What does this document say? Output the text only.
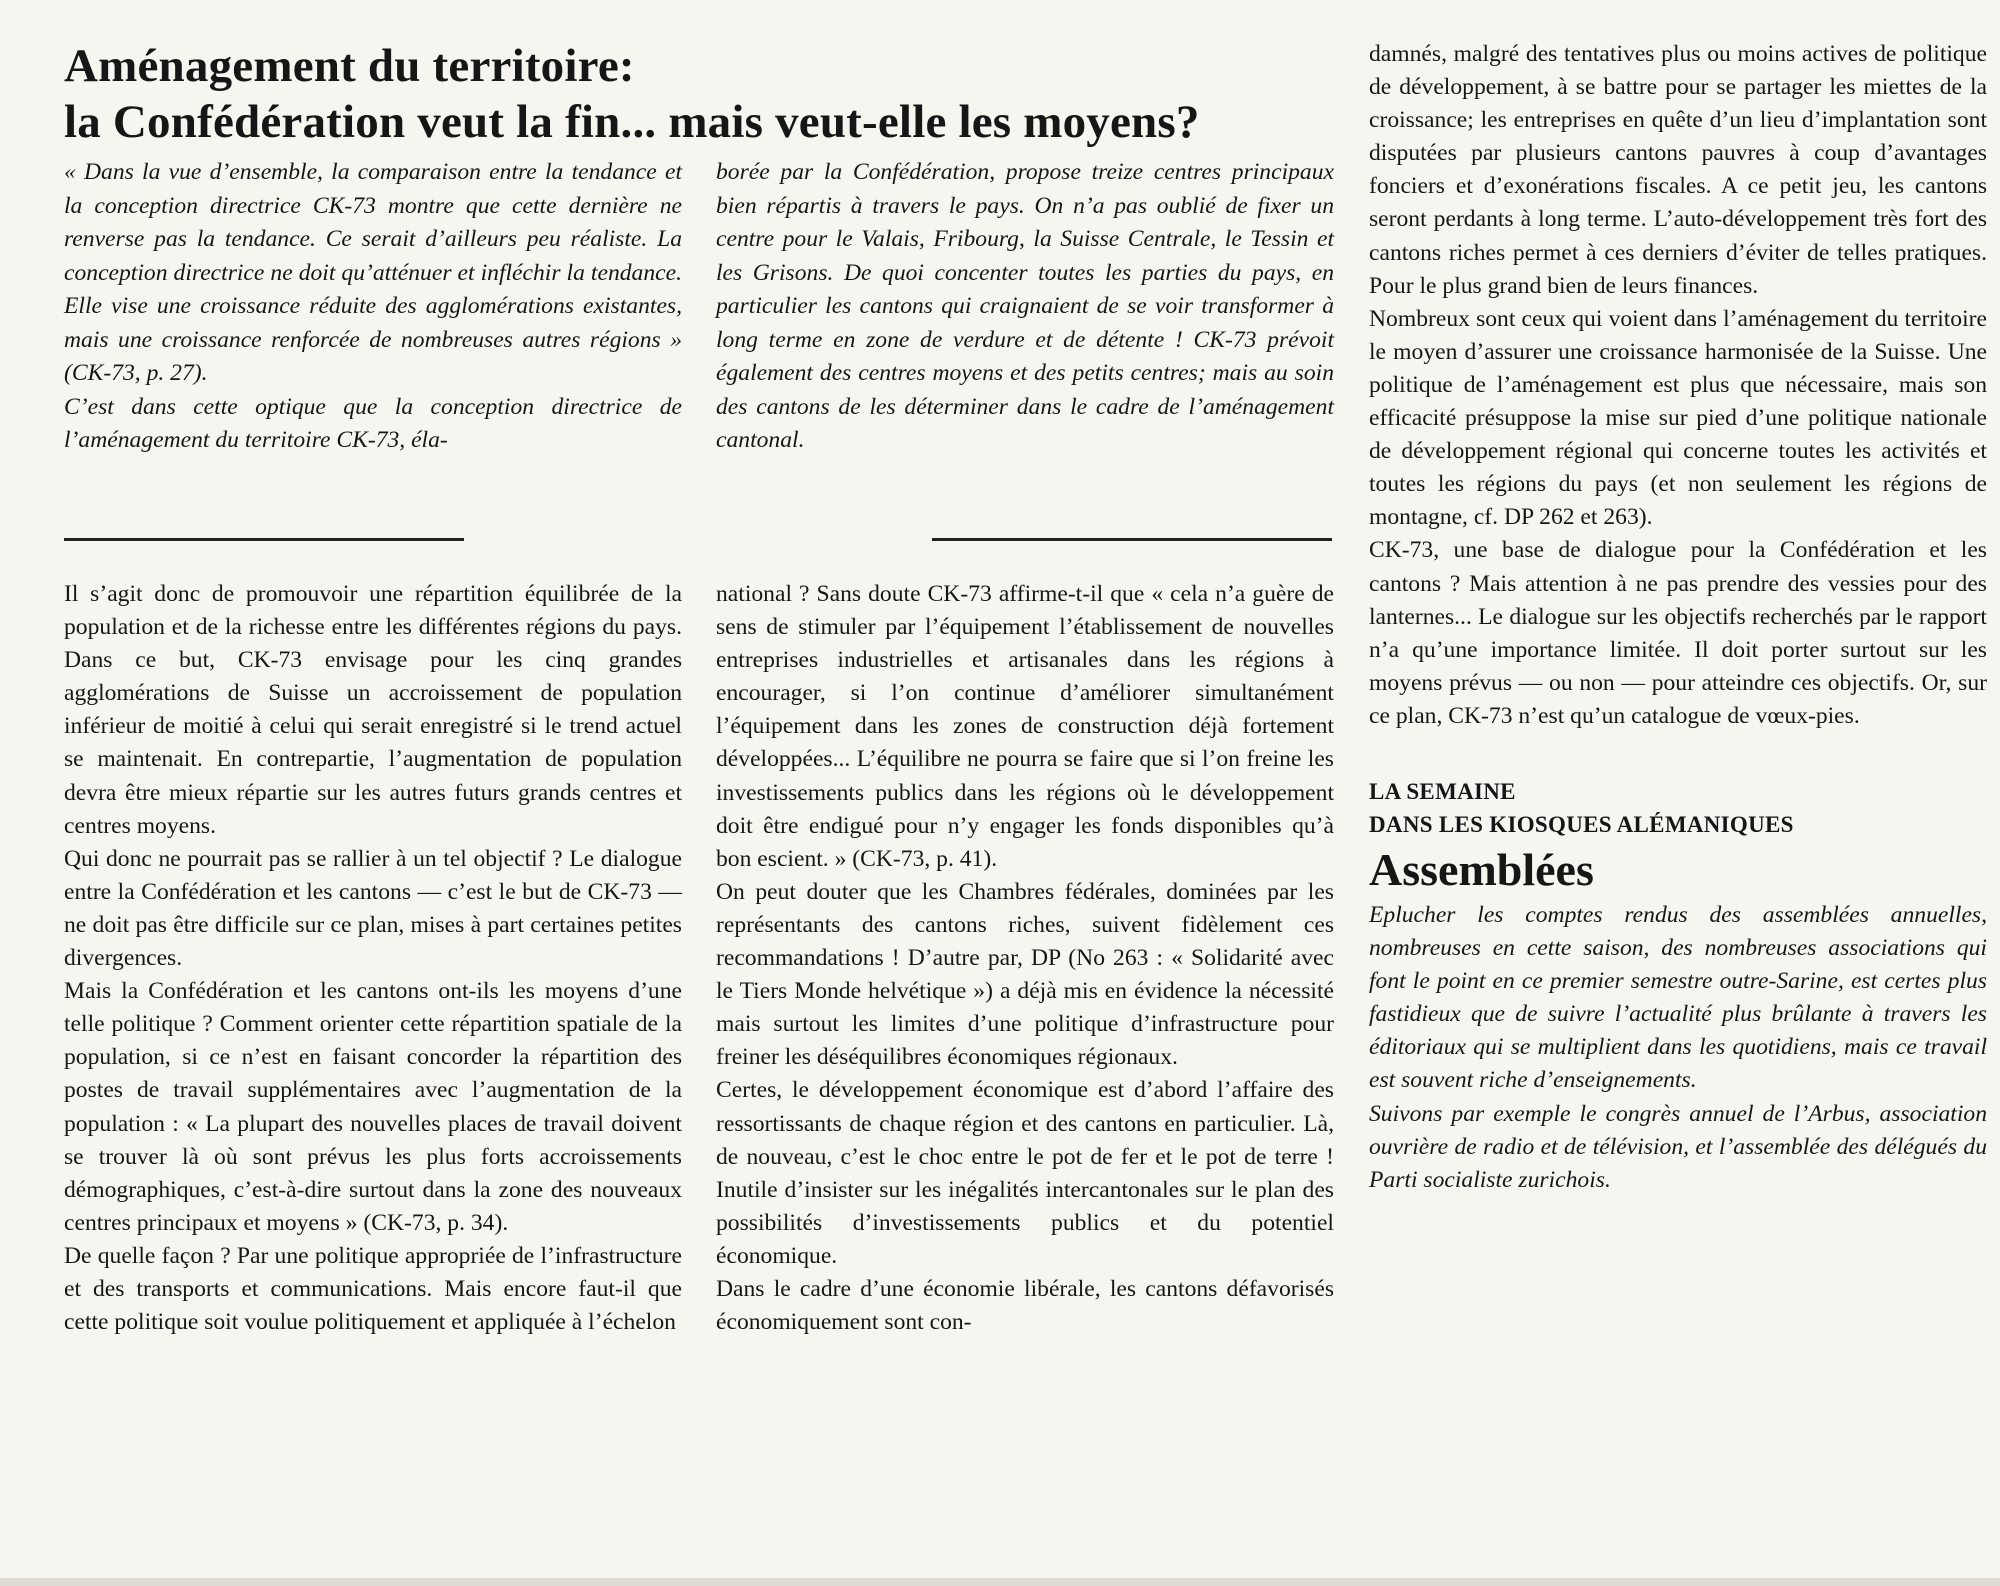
Aménagement du territoire:
la Confédération veut la fin... mais veut-elle les moyens?

« Dans la vue d’ensemble, la comparaison entre la tendance et la conception directrice CK-73 montre que cette dernière ne renverse pas la tendance. Ce serait d’ailleurs peu réaliste. La conception directrice ne doit qu’atténuer et infléchir la tendance. Elle vise une croissance réduite des agglomérations existantes, mais une croissance renforcée de nombreuses autres régions » (CK-73, p. 27).

C’est dans cette optique que la conception directrice de l’aménagement du territoire CK-73, éla-

borée par la Confédération, propose treize centres principaux bien répartis à travers le pays. On n’a pas oublié de fixer un centre pour le Valais, Fribourg, la Suisse Centrale, le Tessin et les Grisons. De quoi concenter toutes les parties du pays, en particulier les cantons qui craignaient de se voir transformer à long terme en zone de verdure et de détente ! CK-73 prévoit également des centres moyens et des petits centres; mais au soin des cantons de les déterminer dans le cadre de l’aménagement cantonal.

Il s’agit donc de promouvoir une répartition équilibrée de la population et de la richesse entre les différentes régions du pays. Dans ce but, CK-73 envisage pour les cinq grandes agglomérations de Suisse un accroissement de population inférieur de moitié à celui qui serait enregistré si le trend actuel se maintenait. En contrepartie, l’augmentation de population devra être mieux répartie sur les autres futurs grands centres et centres moyens.

Qui donc ne pourrait pas se rallier à un tel objectif ? Le dialogue entre la Confédération et les cantons — c’est le but de CK-73 — ne doit pas être difficile sur ce plan, mises à part certaines petites divergences.

Mais la Confédération et les cantons ont-ils les moyens d’une telle politique ? Comment orienter cette répartition spatiale de la population, si ce n’est en faisant concorder la répartition des postes de travail supplémentaires avec l’augmentation de la population : « La plupart des nouvelles places de travail doivent se trouver là où sont prévus les plus forts accroissements démographiques, c’est-à-dire surtout dans la zone des nouveaux centres principaux et moyens » (CK-73, p. 34).

De quelle façon ? Par une politique appropriée de l’infrastructure et des transports et communications. Mais encore faut-il que cette politique soit voulue politiquement et appliquée à l’échelon

national ? Sans doute CK-73 affirme-t-il que « cela n’a guère de sens de stimuler par l’équipement l’établissement de nouvelles entreprises industrielles et artisanales dans les régions à encourager, si l’on continue d’améliorer simultanément l’équipement dans les zones de construction déjà fortement développées... L’équilibre ne pourra se faire que si l’on freine les investissements publics dans les régions où le développement doit être endigué pour n’y engager les fonds disponibles qu’à bon escient. » (CK-73, p. 41).

On peut douter que les Chambres fédérales, dominées par les représentants des cantons riches, suivent fidèlement ces recommandations ! D’autre par, DP (No 263 : « Solidarité avec le Tiers Monde helvétique ») a déjà mis en évidence la nécessité mais surtout les limites d’une politique d’infrastructure pour freiner les déséquilibres économiques régionaux.

Certes, le développement économique est d’abord l’affaire des ressortissants de chaque région et des cantons en particulier. Là, de nouveau, c’est le choc entre le pot de fer et le pot de terre ! Inutile d’insister sur les inégalités intercantonales sur le plan des possibilités d’investissements publics et du potentiel économique.

Dans le cadre d’une économie libérale, les cantons défavorisés économiquement sont con-

damnés, malgré des tentatives plus ou moins actives de politique de développement, à se battre pour se partager les miettes de la croissance; les entreprises en quête d’un lieu d’implantation sont disputées par plusieurs cantons pauvres à coup d’avantages fonciers et d’exonérations fiscales. A ce petit jeu, les cantons seront perdants à long terme. L’auto-développement très fort des cantons riches permet à ces derniers d’éviter de telles pratiques. Pour le plus grand bien de leurs finances.

Nombreux sont ceux qui voient dans l’aménagement du territoire le moyen d’assurer une croissance harmonisée de la Suisse. Une politique de l’aménagement est plus que nécessaire, mais son efficacité présuppose la mise sur pied d’une politique nationale de développement régional qui concerne toutes les activités et toutes les régions du pays (et non seulement les régions de montagne, cf. DP 262 et 263).

CK-73, une base de dialogue pour la Confédération et les cantons ? Mais attention à ne pas prendre des vessies pour des lanternes... Le dialogue sur les objectifs recherchés par le rapport n’a qu’une importance limitée. Il doit porter surtout sur les moyens prévus — ou non — pour atteindre ces objectifs. Or, sur ce plan, CK-73 n’est qu’un catalogue de vœux-pies.

LA SEMAINE

DANS LES KIOSQUES ALÉMANIQUES

Assemblées

Eplucher les comptes rendus des assemblées annuelles, nombreuses en cette saison, des nombreuses associations qui font le point en ce premier semestre outre-Sarine, est certes plus fastidieux que de suivre l’actualité plus brûlante à travers les éditoriaux qui se multiplient dans les quotidiens, mais ce travail est souvent riche d’enseignements.

Suivons par exemple le congrès annuel de l’Arbus, association ouvrière de radio et de télévision, et l’assemblée des délégués du Parti socialiste zurichois.
